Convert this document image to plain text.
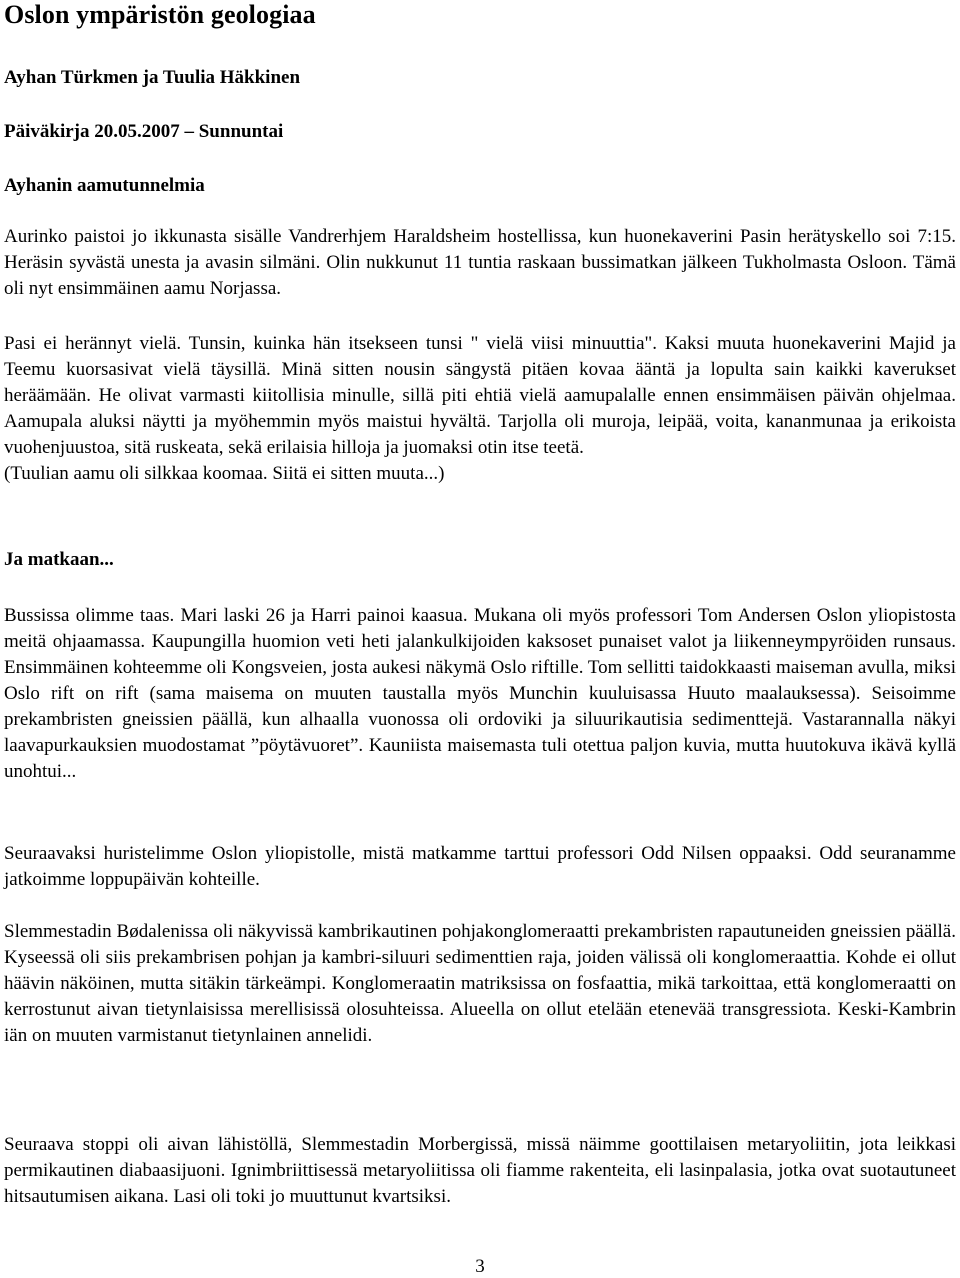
Oslon ympäristön geologiaa

Ayhan Türkmen ja Tuulia Häkkinen

Päiväkirja 20.05.2007 – Sunnuntai

Ayhanin aamutunnelmia

Aurinko paistoi jo ikkunasta sisälle Vandrerhjem Haraldsheim hostellissa, kun huonekaverini Pasin herätyskello soi 7:15. Heräsin syvästä unesta ja avasin silmäni. Olin nukkunut 11 tuntia raskaan bussimatkan jälkeen Tukholmasta Osloon. Tämä oli nyt ensimmäinen aamu Norjassa.

Pasi ei herännyt vielä. Tunsin, kuinka hän itsekseen tunsi " vielä viisi minuuttia". Kaksi muuta huonekaverini Majid ja Teemu kuorsasivat vielä täysillä. Minä sitten nousin sängystä pitäen kovaa ääntä ja lopulta sain kaikki kaverukset heräämään. He olivat varmasti kiitollisia minulle, sillä piti ehtiä vielä aamupalalle ennen ensimmäisen päivän ohjelmaa. Aamupala aluksi näytti ja myöhemmin myös maistui hyvältä. Tarjolla oli muroja, leipää, voita, kananmunaa ja erikoista vuohenjuustoa, sitä ruskeata, sekä erilaisia hilloja ja juomaksi otin itse teetä.

(Tuulian aamu oli silkkaa koomaa. Siitä ei sitten muuta...)

Ja matkaan...

Bussissa olimme taas. Mari laski 26 ja Harri painoi kaasua. Mukana oli myös professori Tom Andersen Oslon yliopistosta meitä ohjaamassa. Kaupungilla huomion veti heti jalankulkijoiden kaksoset punaiset valot ja liikenneympyröiden runsaus. Ensimmäinen kohteemme oli Kongsveien, josta aukesi näkymä Oslo riftille. Tom sellitti taidokkaasti maiseman avulla, miksi Oslo rift on rift (sama maisema on muuten taustalla myös Munchin kuuluisassa Huuto maalauksessa). Seisoimme prekambristen gneissien päällä, kun alhaalla vuonossa oli ordoviki ja siluurikautisia sedimenttejä. Vastarannalla näkyi laavapurkauksien muodostamat ”pöytävuoret”. Kauniista maisemasta tuli otettua paljon kuvia, mutta huutokuva ikävä kyllä unohtui...

Seuraavaksi huristelimme Oslon yliopistolle, mistä matkamme tarttui professori Odd Nilsen oppaaksi. Odd seuranamme jatkoimme loppupäivän kohteille.

Slemmestadin Bødalenissa oli näkyvissä kambrikautinen pohjakonglomeraatti prekambristen rapautuneiden gneissien päällä. Kyseessä oli siis prekambrisen pohjan ja kambri-siluuri sedimenttien raja, joiden välissä oli konglomeraattia. Kohde ei ollut häävin näköinen, mutta sitäkin tärkeämpi. Konglomeraatin matriksissa on fosfaattia, mikä tarkoittaa, että konglomeraatti on kerrostunut aivan tietynlaisissa merellisissä olosuhteissa. Alueella on ollut etelään etenevää transgressiota. Keski-Kambrin iän on muuten varmistanut tietynlainen annelidi.

Seuraava stoppi oli aivan lähistöllä, Slemmestadin Morbergissä, missä näimme goottilaisen metaryoliitin, jota leikkasi permikautinen diabaasijuoni. Ignimbriittisessä metaryoliitissa oli fiamme rakenteita, eli lasinpalasia, jotka ovat suotautuneet hitsautumisen aikana. Lasi oli toki jo muuttunut kvartsiksi.

3
